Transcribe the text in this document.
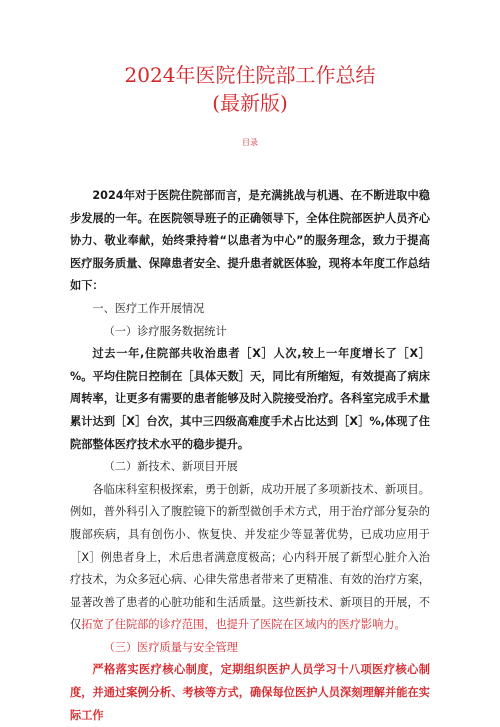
2024年医院住院部工作总结
(最新版)
目录

2024年对于医院住院部而言，是充满挑战与机遇、在不断进取中稳步发展的一年。在医院领导班子的正确领导下，全体住院部医护人员齐心协力、敬业奉献，始终秉持着“以患者为中心”的服务理念，致力于提高医疗服务质量、保障患者安全、提升患者就医体验，现将本年度工作总结如下：

一、医疗工作开展情况

（一）诊疗服务数据统计

过去一年,住院部共收治患者［X］人次,较上一年度增长了［X］%。平均住院日控制在［具体天数］天，同比有所缩短，有效提高了病床周转率，让更多有需要的患者能够及时入院接受治疗。各科室完成手术量累计达到［X］台次，其中三四级高难度手术占比达到［X］%,体现了住院部整体医疗技术水平的稳步提升。

（二）新技术、新项目开展

各临床科室积极探索，勇于创新，成功开展了多项新技术、新项目。例如，普外科引入了腹腔镜下的新型微创手术方式，用于治疗部分复杂的腹部疾病，具有创伤小、恢复快、并发症少等显著优势，已成功应用于［X］例患者身上，术后患者满意度极高；心内科开展了新型心脏介入治疗技术，为众多冠心病、心律失常患者带来了更精准、有效的治疗方案，显著改善了患者的心脏功能和生活质量。这些新技术、新项目的开展，不仅拓宽了住院部的诊疗范围，也提升了医院在区域内的医疗影响力。

（三）医疗质量与安全管理

严格落实医疗核心制度，定期组织医护人员学习十八项医疗核心制度，并通过案例分析、考核等方式，确保每位医护人员深刻理解并能在实际工作
